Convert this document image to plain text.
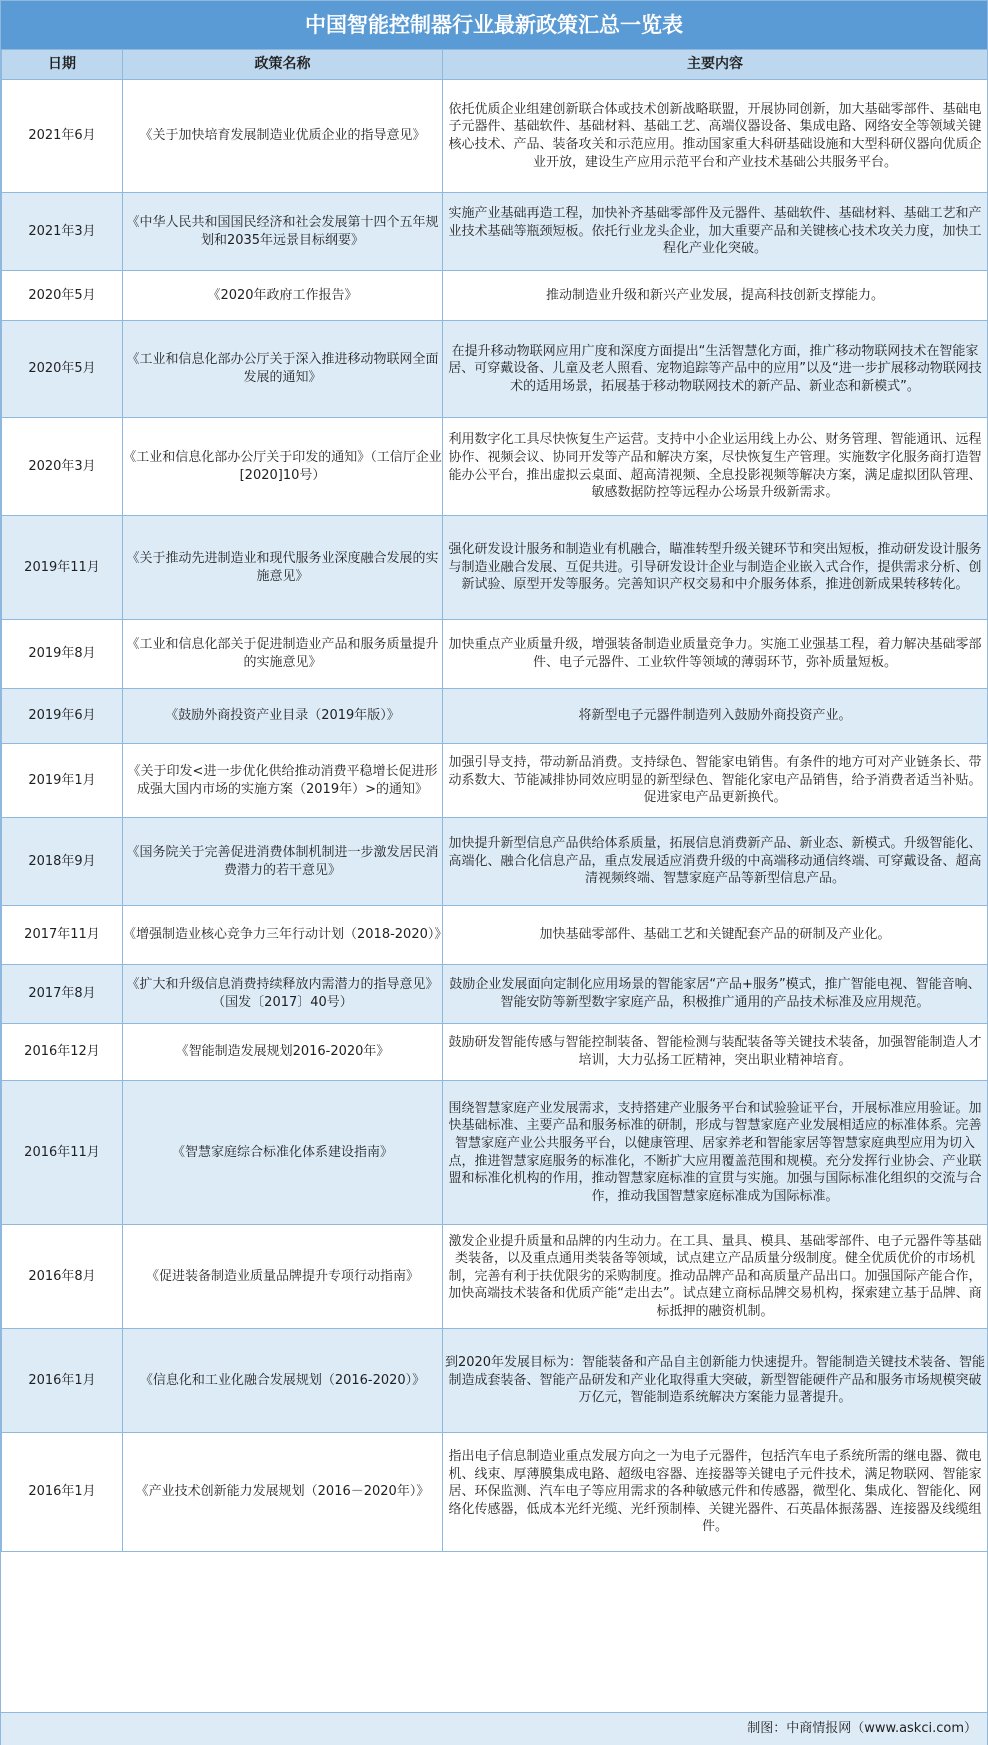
中国智能控制器行业最新政策汇总一览表
日期	政策名称	主要内容
2021年6月	《关于加快培育发展制造业优质企业的指导意见》	依托优质企业组建创新联合体或技术创新战略联盟，开展协同创新，加大基础零部件、基础电子元器件、基础软件、基础材料、基础工艺、高端仪器设备、集成电路、网络安全等领域关键核心技术、产品、装备攻关和示范应用。推动国家重大科研基础设施和大型科研仪器向优质企业开放，建设生产应用示范平台和产业技术基础公共服务平台。
2021年3月	《中华人民共和国国民经济和社会发展第十四个五年规划和2035年远景目标纲要》	实施产业基础再造工程，加快补齐基础零部件及元器件、基础软件、基础材料、基础工艺和产业技术基础等瓶颈短板。依托行业龙头企业，加大重要产品和关键核心技术攻关力度，加快工程化产业化突破。
2020年5月	《2020年政府工作报告》	推动制造业升级和新兴产业发展，提高科技创新支撑能力。
2020年5月	《工业和信息化部办公厅关于深入推进移动物联网全面发展的通知》	在提升移动物联网应用广度和深度方面提出“生活智慧化方面，推广移动物联网技术在智能家居、可穿戴设备、儿童及老人照看、宠物追踪等产品中的应用”以及“进一步扩展移动物联网技术的适用场景，拓展基于移动物联网技术的新产品、新业态和新模式”。
2020年3月	《工业和信息化部办公厅关于印发的通知》（工信厅企业[2020]10号）	利用数字化工具尽快恢复生产运营。支持中小企业运用线上办公、财务管理、智能通讯、远程协作、视频会议、协同开发等产品和解决方案，尽快恢复生产管理。实施数字化服务商打造智能办公平台，推出虚拟云桌面、超高清视频、全息投影视频等解决方案，满足虚拟团队管理、敏感数据防控等远程办公场景升级新需求。
2019年11月	《关于推动先进制造业和现代服务业深度融合发展的实施意见》	强化研发设计服务和制造业有机融合，瞄准转型升级关键环节和突出短板，推动研发设计服务与制造业融合发展、互促共进。引导研发设计企业与制造企业嵌入式合作，提供需求分析、创新试验、原型开发等服务。完善知识产权交易和中介服务体系，推进创新成果转移转化。
2019年8月	《工业和信息化部关于促进制造业产品和服务质量提升的实施意见》	加快重点产业质量升级，增强装备制造业质量竞争力。实施工业强基工程，着力解决基础零部件、电子元器件、工业软件等领域的薄弱环节，弥补质量短板。
2019年6月	《鼓励外商投资产业目录（2019年版）》	将新型电子元器件制造列入鼓励外商投资产业。
2019年1月	《关于印发<进一步优化供给推动消费平稳增长促进形成强大国内市场的实施方案（2019年）>的通知》	加强引导支持，带动新品消费。支持绿色、智能家电销售。有条件的地方可对产业链条长、带动系数大、节能减排协同效应明显的新型绿色、智能化家电产品销售，给予消费者适当补贴。促进家电产品更新换代。
2018年9月	《国务院关于完善促进消费体制机制进一步激发居民消费潜力的若干意见》	加快提升新型信息产品供给体系质量，拓展信息消费新产品、新业态、新模式。升级智能化、高端化、融合化信息产品，重点发展适应消费升级的中高端移动通信终端、可穿戴设备、超高清视频终端、智慧家庭产品等新型信息产品。
2017年11月	《增强制造业核心竞争力三年行动计划（2018-2020）》	加快基础零部件、基础工艺和关键配套产品的研制及产业化。
2017年8月	《扩大和升级信息消费持续释放内需潜力的指导意见》（国发〔2017〕40号）	鼓励企业发展面向定制化应用场景的智能家居“产品+服务”模式，推广智能电视、智能音响、智能安防等新型数字家庭产品，积极推广通用的产品技术标准及应用规范。
2016年12月	《智能制造发展规划2016-2020年》	鼓励研发智能传感与智能控制装备、智能检测与装配装备等关键技术装备，加强智能制造人才培训，大力弘扬工匠精神，突出职业精神培育。
2016年11月	《智慧家庭综合标准化体系建设指南》	围绕智慧家庭产业发展需求，支持搭建产业服务平台和试验验证平台，开展标准应用验证。加快基础标准、主要产品和服务标准的研制，形成与智慧家庭产业发展相适应的标准体系。完善智慧家庭产业公共服务平台，以健康管理、居家养老和智能家居等智慧家庭典型应用为切入点，推进智慧家庭服务的标准化，不断扩大应用覆盖范围和规模。充分发挥行业协会、产业联盟和标准化机构的作用，推动智慧家庭标准的宣贯与实施。加强与国际标准化组织的交流与合作，推动我国智慧家庭标准成为国际标准。
2016年8月	《促进装备制造业质量品牌提升专项行动指南》	激发企业提升质量和品牌的内生动力。在工具、量具、模具、基础零部件、电子元器件等基础类装备，以及重点通用类装备等领域，试点建立产品质量分级制度。健全优质优价的市场机制，完善有利于扶优限劣的采购制度。推动品牌产品和高质量产品出口。加强国际产能合作，加快高端技术装备和优质产能“走出去”。试点建立商标品牌交易机构，探索建立基于品牌、商标抵押的融资机制。
2016年1月	《信息化和工业化融合发展规划（2016-2020）》	到2020年发展目标为：智能装备和产品自主创新能力快速提升。智能制造关键技术装备、智能制造成套装备、智能产品研发和产业化取得重大突破，新型智能硬件产品和服务市场规模突破万亿元，智能制造系统解决方案能力显著提升。
2016年1月	《产业技术创新能力发展规划（2016－2020年）》	指出电子信息制造业重点发展方向之一为电子元器件，包括汽车电子系统所需的继电器、微电机、线束、厚薄膜集成电路、超级电容器、连接器等关键电子元件技术，满足物联网、智能家居、环保监测、汽车电子等应用需求的各种敏感元件和传感器，微型化、集成化、智能化、网络化传感器，低成本光纤光缆、光纤预制棒、关键光器件、石英晶体振荡器、连接器及线缆组件。
制图：中商情报网（www.askci.com）
